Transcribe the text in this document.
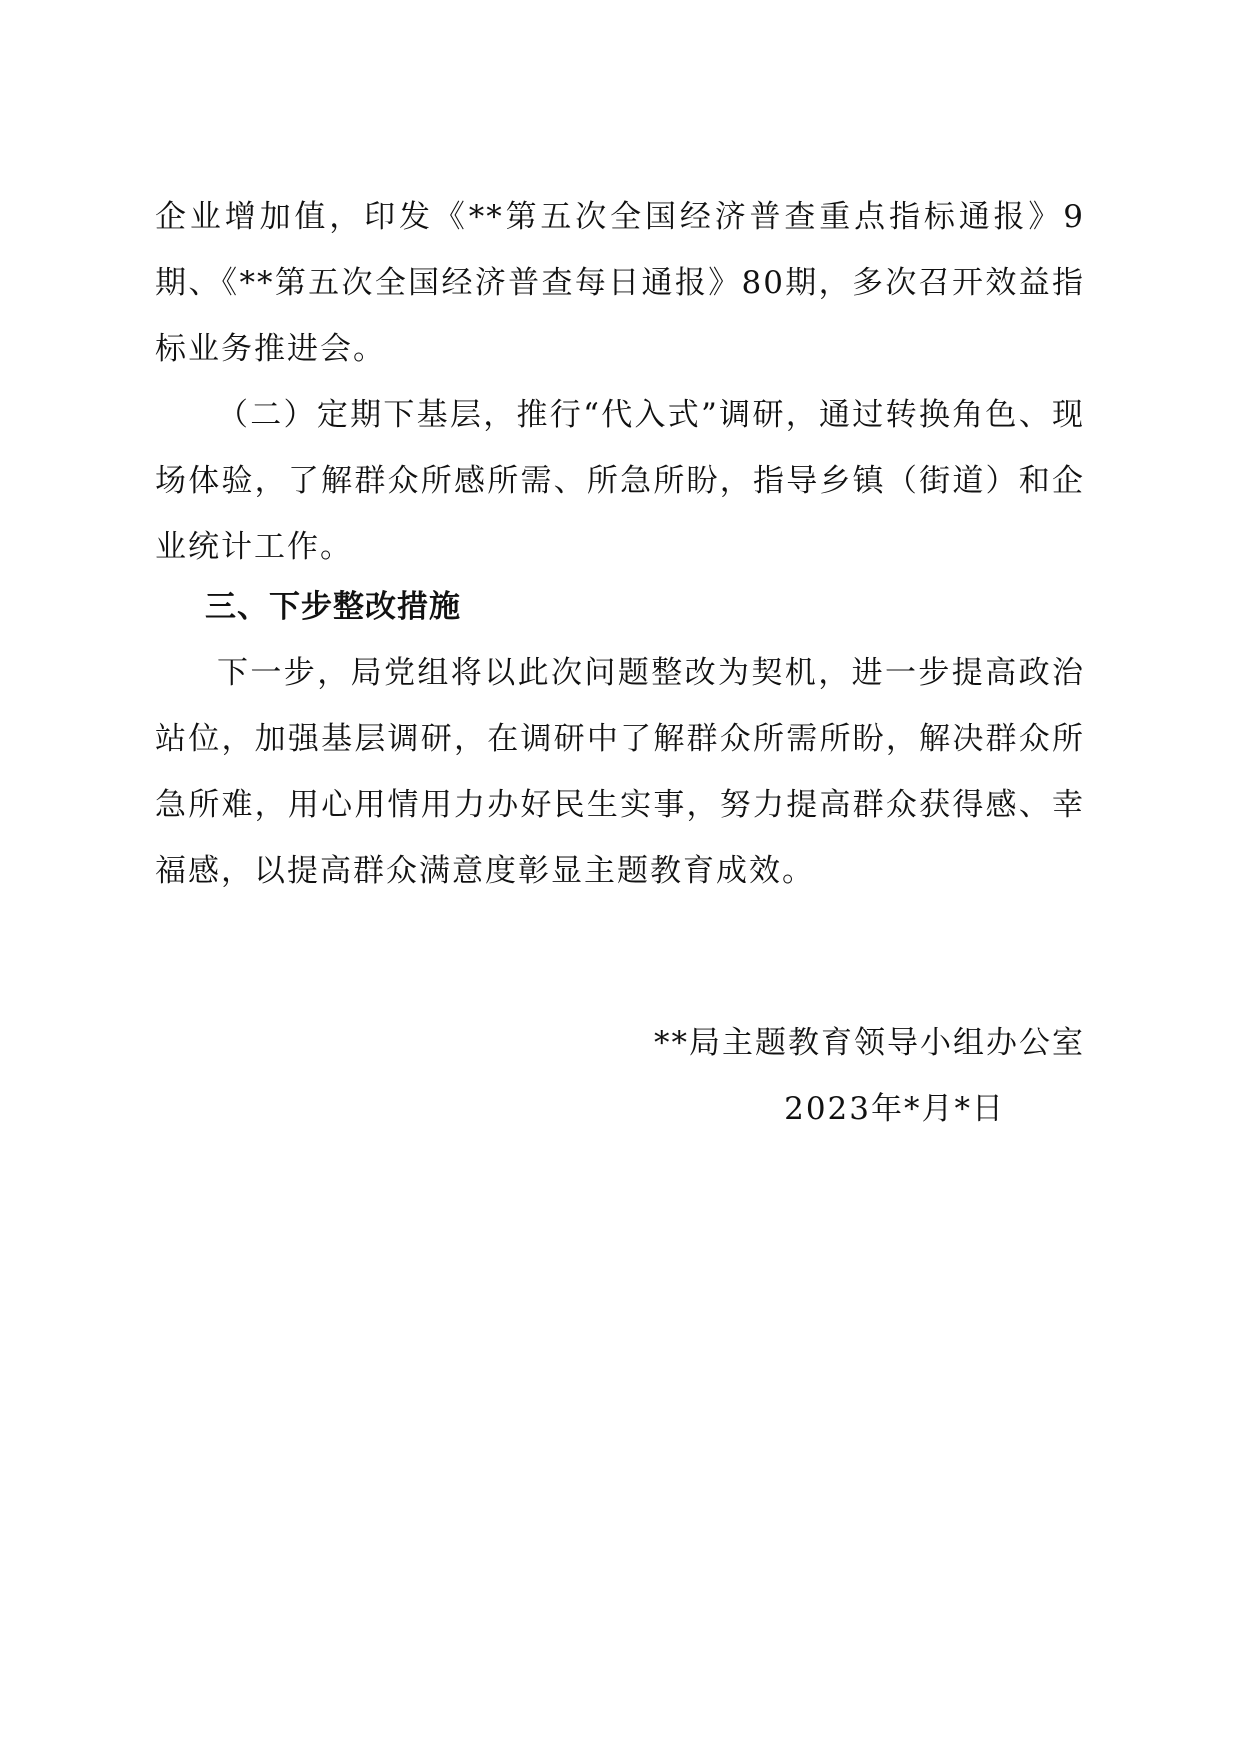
企业增加值，印发《**第五次全国经济普查重点指标通报》9期、《**第五次全国经济普查每日通报》80期，多次召开效益指标业务推进会。

（二）定期下基层，推行“代入式”调研，通过转换角色、现场体验，了解群众所感所需、所急所盼，指导乡镇（街道）和企业统计工作。

三、下步整改措施

下一步，局党组将以此次问题整改为契机，进一步提高政治站位，加强基层调研，在调研中了解群众所需所盼，解决群众所急所难，用心用情用力办好民生实事，努力提高群众获得感、幸福感，以提高群众满意度彰显主题教育成效。

**局主题教育领导小组办公室

2023年*月*日
